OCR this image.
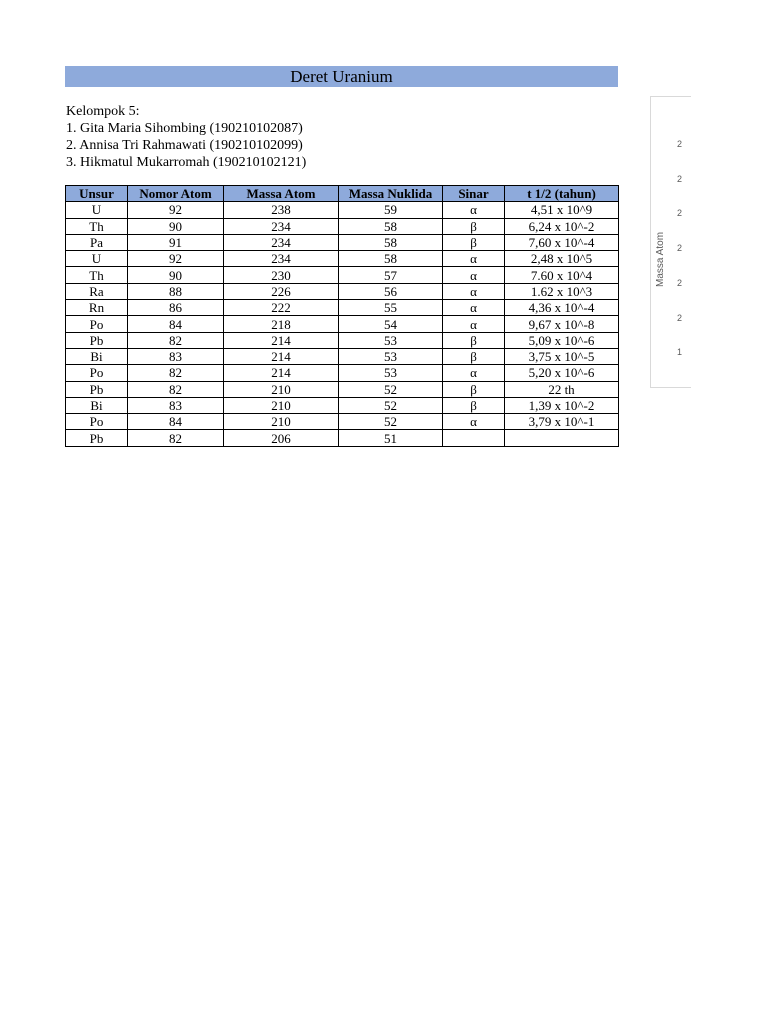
Deret Uranium
Kelompok 5:
1. Gita Maria Sihombing (190210102087)
2. Annisa Tri Rahmawati (190210102099)
3. Hikmatul Mukarromah (190210102121)
Unsur	Nomor Atom	Massa Atom	Massa Nuklida	Sinar	t 1/2 (tahun)
U	92	238	59	α	4,51 x 10^9
Th	90	234	58	β	6,24 x 10^-2
Pa	91	234	58	β	7,60 x 10^-4
U	92	234	58	α	2,48 x 10^5
Th	90	230	57	α	7.60 x 10^4
Ra	88	226	56	α	1.62 x 10^3
Rn	86	222	55	α	4,36 x 10^-4
Po	84	218	54	α	9,67 x 10^-8
Pb	82	214	53	β	5,09 x 10^-6
Bi	83	214	53	β	3,75 x 10^-5
Po	82	214	53	α	5,20 x 10^-6
Pb	82	210	52	β	22 th
Bi	83	210	52	β	1,39 x 10^-2
Po	84	210	52	α	3,79 x 10^-1
Pb	82	206	51		
Massa Atom
2
2
2
2
2
2
1
